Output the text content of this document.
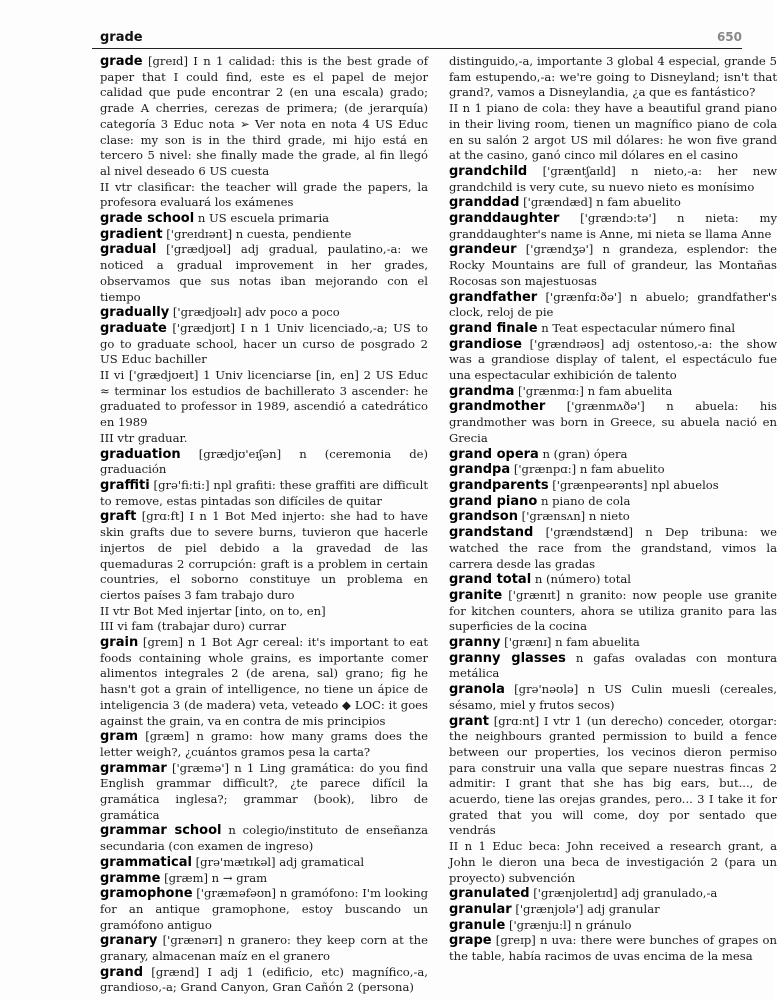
grade	650

grade [greɪd] I n 1 calidad: this is the best grade of paper that I could find, este es el papel de mejor calidad que pude encontrar 2 (en una escala) grado; grade A cherries, cerezas de primera; (de jerarquía) categoría 3 Educ nota ➢ Ver nota en nota 4 US Educ clase: my son is in the third grade, mi hijo está en tercero 5 nivel: she finally made the grade, al fin llegó al nivel deseado 6 US cuesta

II vtr clasificar: the teacher will grade the papers, la profesora evaluará los exámenes

grade school n US escuela primaria

gradient ['greɪdɪənt] n cuesta, pendiente

gradual ['grædjʊəl] adj gradual, paulatino,-a: we noticed a gradual improvement in her grades, observamos que sus notas iban mejorando con el tiempo

gradually ['grædjʊəlɪ] adv poco a poco

graduate ['grædjʊɪt] I n 1 Univ licenciado,-a; US to go to graduate school, hacer un curso de posgrado 2 US Educ bachiller

II vi ['grædjʊeɪt] 1 Univ licenciarse [in, en] 2 US Educ ≈ terminar los estudios de bachillerato 3 ascender: he graduated to professor in 1989, ascendió a catedrático en 1989

III vtr graduar.

graduation [grædjʊ'eɪʃən] n (ceremonia de) graduación

graffiti [grə'fi:ti:] npl grafiti: these graffiti are difficult to remove, estas pintadas son difíciles de quitar

graft [grɑ:ft] I n 1 Bot Med injerto: she had to have skin grafts due to severe burns, tuvieron que hacerle injertos de piel debido a la gravedad de las quemaduras 2 corrupción: graft is a problem in certain countries, el soborno constituye un problema en ciertos países 3 fam trabajo duro

II vtr Bot Med injertar [into, on to, en]

III vi fam (trabajar duro) currar

grain [greɪn] n 1 Bot Agr cereal: it's important to eat foods containing whole grains, es importante comer alimentos integrales 2 (de arena, sal) grano; fig he hasn't got a grain of intelligence, no tiene un ápice de inteligencia 3 (de madera) veta, veteado ◆ LOC: it goes against the grain, va en contra de mis principios

gram [græm] n gramo: how many grams does the letter weigh?, ¿cuántos gramos pesa la carta?

grammar ['græmə'] n 1 Ling gramática: do you find English grammar difficult?, ¿te parece difícil la gramática inglesa?; grammar (book), libro de gramática

grammar school n colegio/instituto de enseñanza secundaria (con examen de ingreso)

grammatical [grə'mætɪkəl] adj gramatical

gramme [græm] n → gram

gramophone ['græməfəʊn] n gramófono: I'm looking for an antique gramophone, estoy buscando un gramófono antiguo

granary ['grænərɪ] n granero: they keep corn at the granary, almacenan maíz en el granero

grand [grænd] I adj 1 (edificio, etc) magnífico,-a, grandioso,-a; Grand Canyon, Gran Cañón 2 (persona)

distinguido,-a, importante 3 global 4 especial, grande 5 fam estupendo,-a: we're going to Disneyland; isn't that grand?, vamos a Disneylandia, ¿a que es fantástico?

II n 1 piano de cola: they have a beautiful grand piano in their living room, tienen un magnífico piano de cola en su salón 2 argot US mil dólares: he won five grand at the casino, ganó cinco mil dólares en el casino

grandchild ['græntʃaɪld] n nieto,-a: her new grandchild is very cute, su nuevo nieto es monísimo

granddad ['grændæd] n fam abuelito

granddaughter ['grændɔ:tə'] n nieta: my granddaughter's name is Anne, mi nieta se llama Anne

grandeur ['grændʒə'] n grandeza, esplendor: the Rocky Mountains are full of grandeur, las Montañas Rocosas son majestuosas

grandfather ['grænfɑ:ðə'] n abuelo; grandfather's clock, reloj de pie

grand finale n Teat espectacular número final

grandiose ['grændɪəʊs] adj ostentoso,-a: the show was a grandiose display of talent, el espectáculo fue una espectacular exhibición de talento

grandma ['grænmɑ:] n fam abuelita

grandmother ['grænmʌðə'] n abuela: his grandmother was born in Greece, su abuela nació en Grecia

grand opera n (gran) ópera

grandpa ['grænpɑ:] n fam abuelito

grandparents ['grænpeərənts] npl abuelos

grand piano n piano de cola

grandson ['grænsʌn] n nieto

grandstand ['grændstænd] n Dep tribuna: we watched the race from the grandstand, vimos la carrera desde las gradas

grand total n (número) total

granite ['grænɪt] n granito: now people use granite for kitchen counters, ahora se utiliza granito para las superficies de la cocina

granny ['grænɪ] n fam abuelita

granny glasses n gafas ovaladas con montura metálica

granola [grə'nəʊlə] n US Culin muesli (cereales, sésamo, miel y frutos secos)

grant [grɑ:nt] I vtr 1 (un derecho) conceder, otorgar: the neighbours granted permission to build a fence between our properties, los vecinos dieron permiso para construir una valla que separe nuestras fincas 2 admitir: I grant that she has big ears, but..., de acuerdo, tiene las orejas grandes, pero... 3 I take it for grated that you will come, doy por sentado que vendrás

II n 1 Educ beca: John received a research grant, a John le dieron una beca de investigación 2 (para un proyecto) subvención

granulated ['grænjʊleɪtɪd] adj granulado,-a

granular ['grænjʊlə'] adj granular

granule ['grænju:l] n gránulo

grape [greɪp] n uva: there were bunches of grapes on the table, había racimos de uvas encima de la mesa
